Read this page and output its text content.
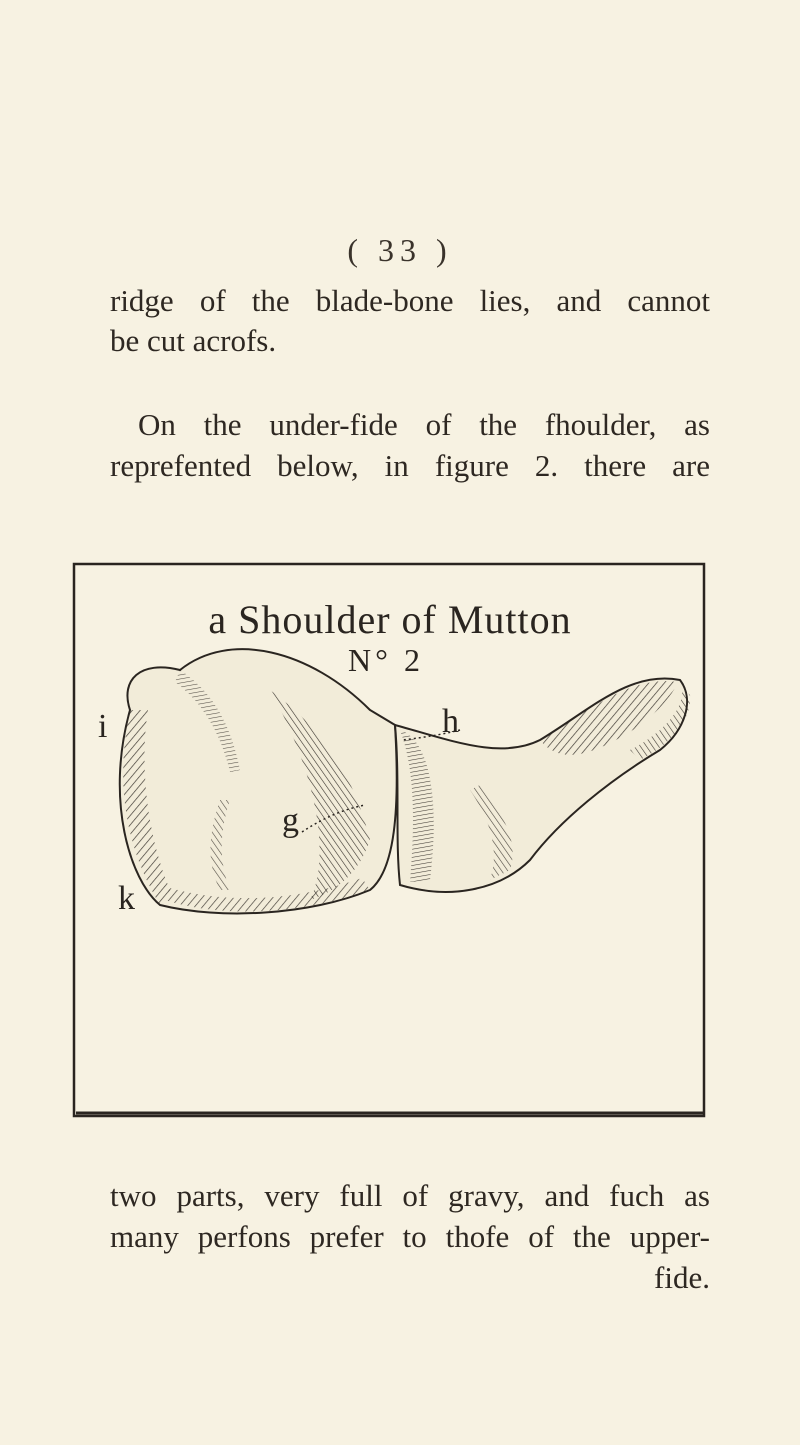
( 33 )
ridge of the blade-bone lies, and cannot
be cut acrofs.
On the under-fide of the fhoulder, as
reprefented below, in figure 2. there are
a Shoulder of Mutton
N° 2
i	h
g
k
two parts, very full of gravy, and fuch as
many perfons prefer to thofe of the upper-
fide.
